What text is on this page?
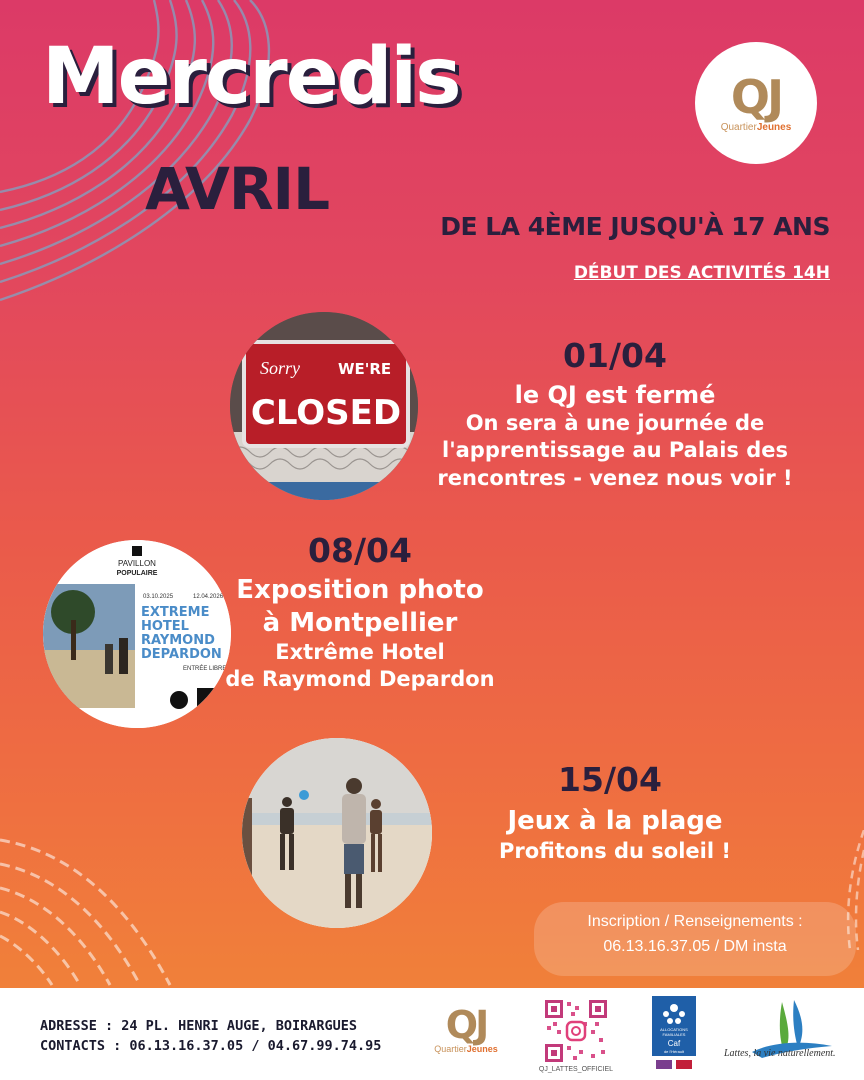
Mercredis
AVRIL
QJ
QuartierJeunes

DE LA 4ÈME JUSQU'À 17 ANS

DÉBUT DES ACTIVITÉS 14H

Sorry	WE'RE
CLOSED
01/04
le QJ est fermé
On sera à une journée de
l'apprentissage au Palais des
rencontres - venez nous voir !
PAVILLON
POPULAIRE
03.10.2025	12.04.2026
EXTREME
HOTEL
RAYMOND
DEPARDON
ENTRÉE LIBRE
08/04
Exposition photo
à Montpellier
Extrême Hotel
de Raymond Depardon
15/04
Jeux à la plage
Profitons du soleil !
Inscription / Renseignements :
06.13.16.37.05 / DM insta
ADRESSE : 24 PL. HENRI AUGE, BOIRARGUES
CONTACTS : 06.13.16.37.05 / 04.67.99.74.95	QJ
QuartierJeunes
QJ_LATTES_OFFICIEL
ALLOCATIONS
FAMILIALES
Caf
de l'Hérault	Lattes, la vie naturellement.
